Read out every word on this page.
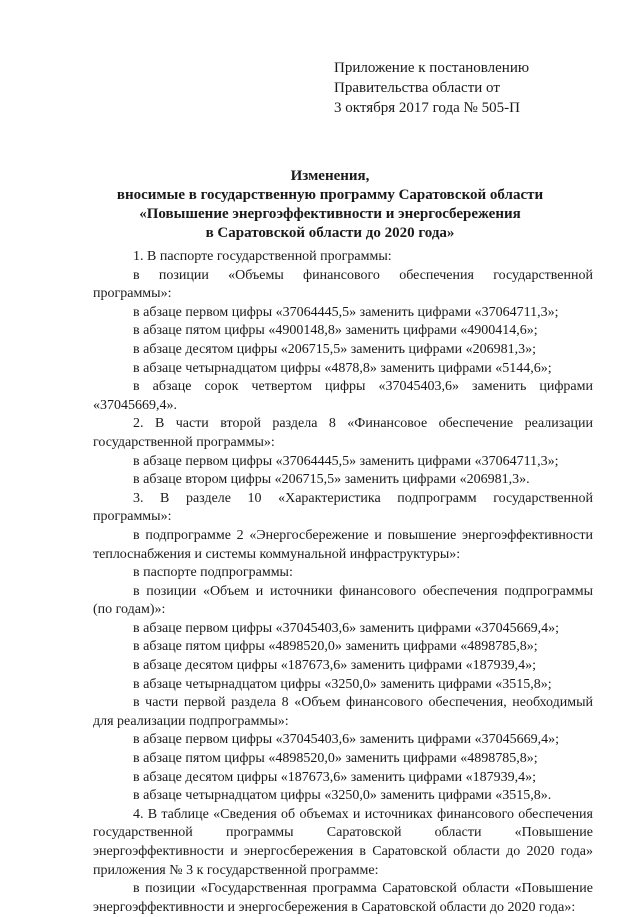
Приложение к постановлению
Правительства области от
3 октября 2017 года № 505-П
Изменения,
вносимые в государственную программу Саратовской области
«Повышение энергоэффективности и энергосбережения
в Саратовской области до 2020 года»

1. В паспорте государственной программы:

в позиции «Объемы финансового обеспечения государственной программы»:

в абзаце первом цифры «37064445,5» заменить цифрами «37064711,3»;

в абзаце пятом цифры «4900148,8» заменить цифрами «4900414,6»;

в абзаце десятом цифры «206715,5» заменить цифрами «206981,3»;

в абзаце четырнадцатом цифры «4878,8» заменить цифрами «5144,6»;

в абзаце сорок четвертом цифры «37045403,6» заменить цифрами «37045669,4».

2. В части второй раздела 8 «Финансовое обеспечение реализации государственной программы»:

в абзаце первом цифры «37064445,5» заменить цифрами «37064711,3»;

в абзаце втором цифры «206715,5» заменить цифрами «206981,3».

3. В разделе 10 «Характеристика подпрограмм государственной программы»:

в подпрограмме 2 «Энергосбережение и повышение энергоэффективности теплоснабжения и системы коммунальной инфраструктуры»:

в паспорте подпрограммы:

в позиции «Объем и источники финансового обеспечения подпрограммы (по годам)»:

в абзаце первом цифры «37045403,6» заменить цифрами «37045669,4»;

в абзаце пятом цифры «4898520,0» заменить цифрами «4898785,8»;

в абзаце десятом цифры «187673,6» заменить цифрами «187939,4»;

в абзаце четырнадцатом цифры «3250,0» заменить цифрами «3515,8»;

в части первой раздела 8 «Объем финансового обеспечения, необходимый для реализации подпрограммы»:

в абзаце первом цифры «37045403,6» заменить цифрами «37045669,4»;

в абзаце пятом цифры «4898520,0» заменить цифрами «4898785,8»;

в абзаце десятом цифры «187673,6» заменить цифрами «187939,4»;

в абзаце четырнадцатом цифры «3250,0» заменить цифрами «3515,8».

4. В таблице «Сведения об объемах и источниках финансового обеспечения государственной программы Саратовской области «Повышение энергоэффективности и энергосбережения в Саратовской области до 2020 года» приложения № 3 к государственной программе:

в позиции «Государственная программа Саратовской области «Повышение энергоэффективности и энергосбережения в Саратовской области до 2020 года»:
